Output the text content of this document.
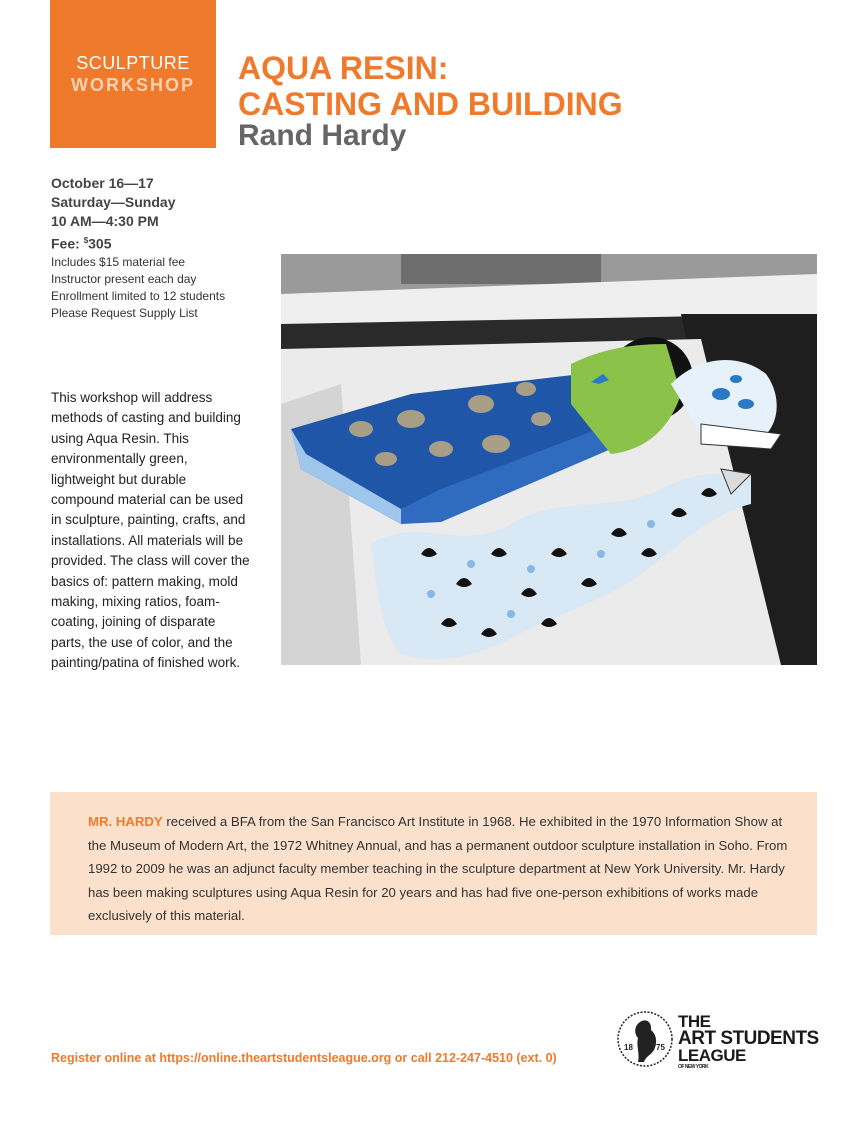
SCULPTURE
WORKSHOP AQUA RESIN:
CASTING AND BUILDING
Rand Hardy
October 16—17
Saturday—Sunday
10 AM—4:30 PM
Fee: $305
Includes $15 material fee
Instructor present each day
Enrollment limited to 12 students
Please Request Supply List
This workshop will address methods of casting and building using Aqua Resin. This environmentally green, lightweight but durable compound material can be used in sculpture, painting, crafts, and installations. All materials will be provided. The class will cover the basics of: pattern making, mold making, mixing ratios, foam-coating, joining of disparate parts, the use of color, and the painting/patina of finished work.
MR. HARDY received a BFA from the San Francisco Art Institute in 1968. He exhibited in the 1970 Information Show at the Museum of Modern Art, the 1972 Whitney Annual, and has a permanent outdoor sculpture installation in Soho. From 1992 to 2009 he was an adjunct faculty member teaching in the sculpture department at New York University. Mr. Hardy has been making sculptures using Aqua Resin for 20 years and has had five one-person exhibitions of works made exclusively of this material.
Register online at https://online.theartstudentsleague.org or call 212-247-4510 (ext. 0)
18	75
THE
ART STUDENTS
LEAGUE
OF NEW YORK
